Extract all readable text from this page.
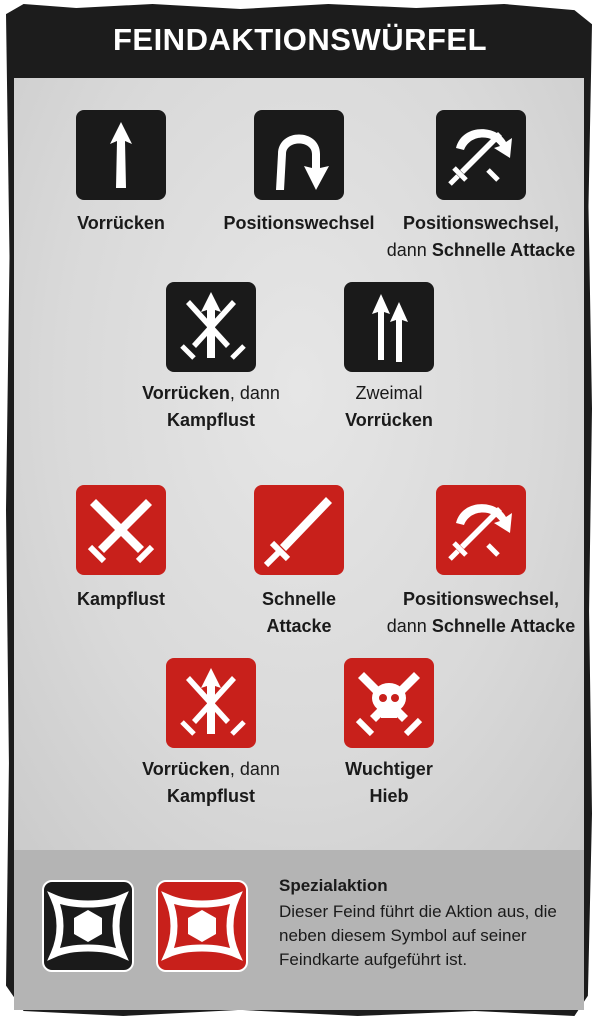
FEINDAKTIONSWÜRFEL
Vorrücken	Positionswechsel	Positionswechsel,
dann Schnelle Attacke
Vorrücken, dann
Kampflust
Zweimal
Vorrücken
Kampflust	Schnelle
Attacke
Positionswechsel,
dann Schnelle Attacke
Vorrücken, dann
Kampflust
Wuchtiger
Hieb
Spezialaktion
Dieser Feind führt die Aktion aus, die neben diesem Symbol auf seiner Feindkarte aufgeführt ist.
